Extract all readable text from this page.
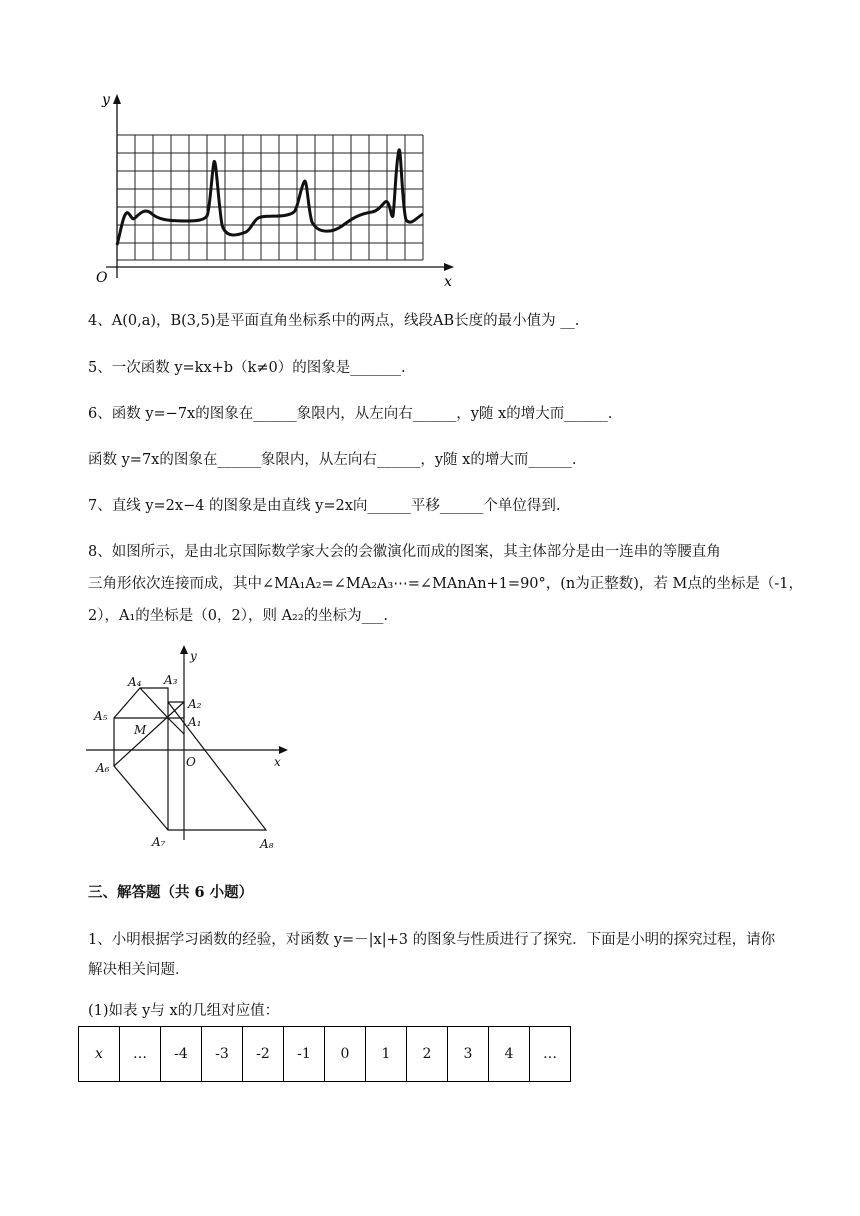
y
x
O
4、A(0,a)，B(3,5)是平面直角坐标系中的两点，线段AB长度的最小值为 __.
5、一次函数 y=kx+b（k≠0）的图象是_______.
6、函数 y=−7x的图象在______象限内，从左向右______，y随 x的增大而______.
函数 y=7x的图象在______象限内，从左向右______，y随 x的增大而______.
7、直线 y=2x−4 的图象是由直线 y=2x向______平移______个单位得到.
8、如图所示，是由北京国际数学家大会的会徽演化而成的图案，其主体部分是由一连串的等腰直角
三角形依次连接而成，其中∠MA₁A₂=∠MA₂A₃⋯=∠MAnAn+1=90°，(n为正整数)，若 M点的坐标是（-1，
2），A₁的坐标是（0，2），则 A₂₂的坐标为___.
A₃
A₄
A₂
A₁
A₅
M
A₆	O	x
y
A₇	A₈
三、解答题（共 6 小题）
1、小明根据学习函数的经验，对函数 y=－|x|+3 的图象与性质进行了探究．下面是小明的探究过程，请你解决相关问题．
(1)如表 y与 x的几组对应值：
x	…	-4	-3	-2	-1	0	1	2	3	4	…
